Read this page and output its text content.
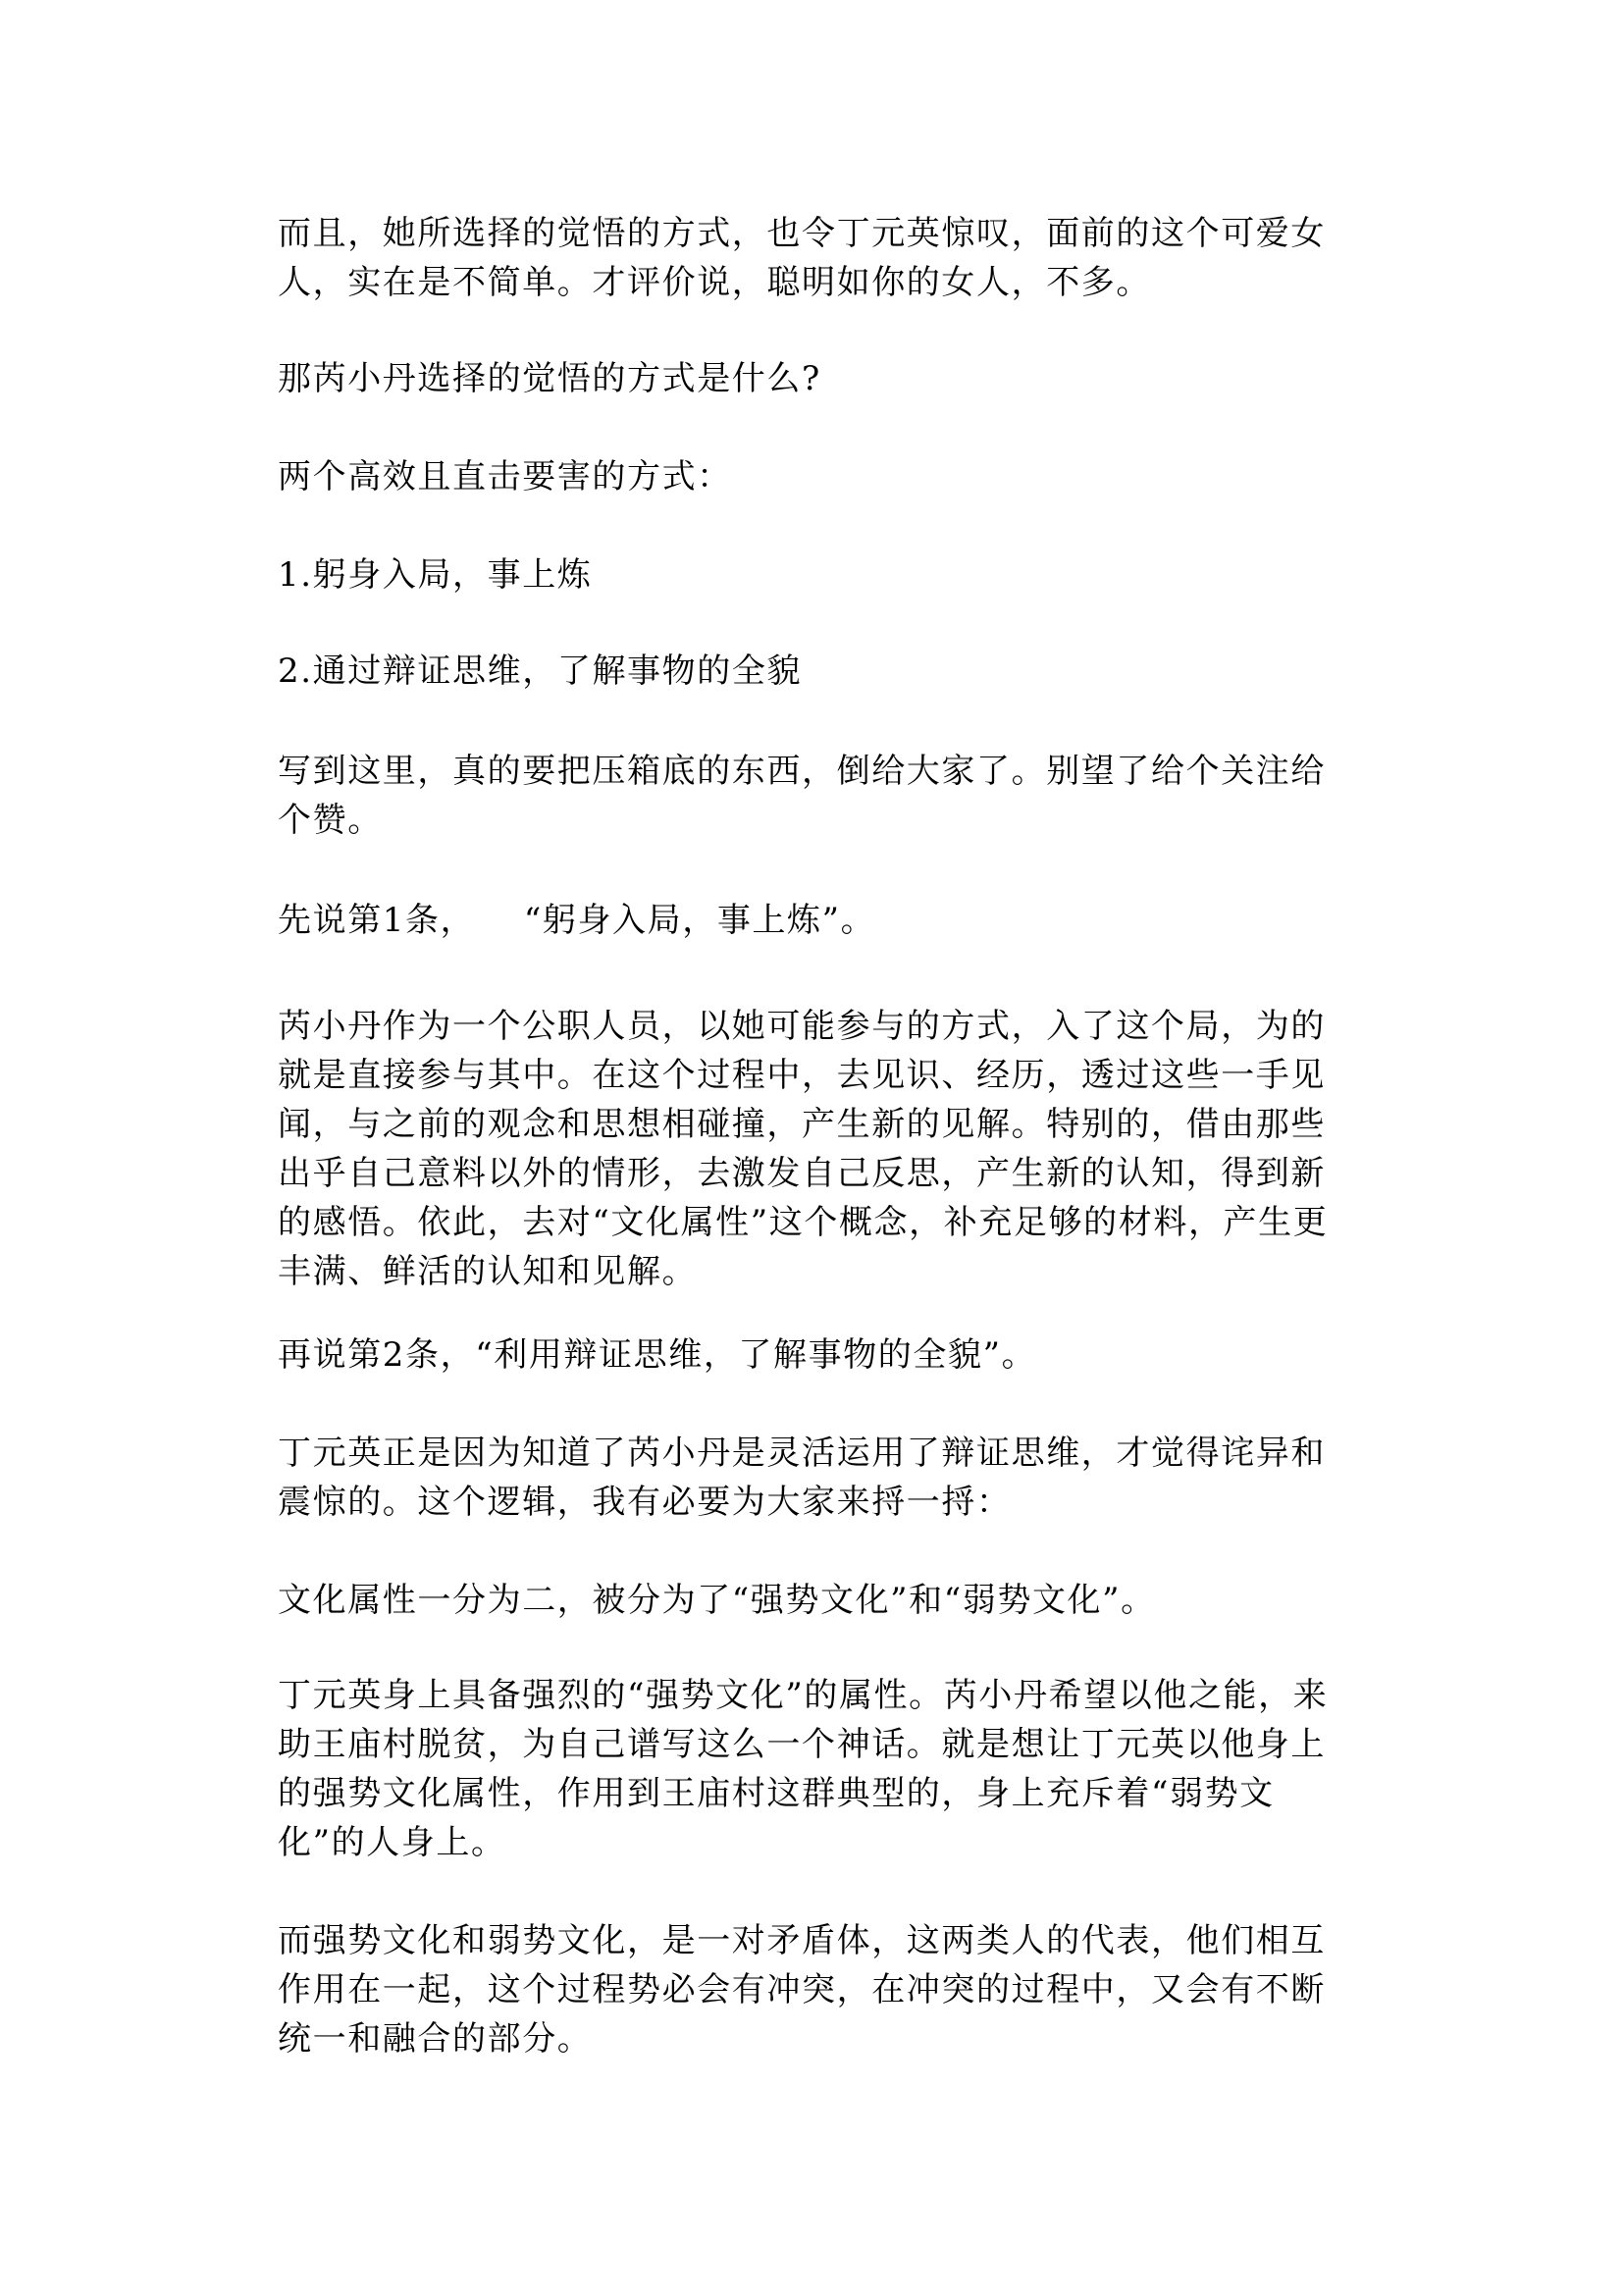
而且，她所选择的觉悟的方式，也令丁元英惊叹，面前的这个可爱女人，实在是不简单。才评价说，聪明如你的女人，不多。

那芮小丹选择的觉悟的方式是什么?

两个高效且直击要害的方式：

1.躬身入局，事上炼

2.通过辩证思维，了解事物的全貌

写到这里，真的要把压箱底的东西，倒给大家了。别望了给个关注给个赞。

先说第1条，    “躬身入局，事上炼”。

芮小丹作为一个公职人员，以她可能参与的方式，入了这个局，为的就是直接参与其中。在这个过程中，去见识、经历，透过这些一手见闻，与之前的观念和思想相碰撞，产生新的见解。特别的，借由那些出乎自己意料以外的情形，去激发自己反思，产生新的认知，得到新的感悟。依此，去对“文化属性”这个概念，补充足够的材料，产生更丰满、鲜活的认知和见解。

再说第2条，“利用辩证思维，了解事物的全貌”。

丁元英正是因为知道了芮小丹是灵活运用了辩证思维，才觉得诧异和震惊的。这个逻辑，我有必要为大家来捋一捋：

文化属性一分为二，被分为了“强势文化”和“弱势文化”。

丁元英身上具备强烈的“强势文化”的属性。芮小丹希望以他之能，来助王庙村脱贫，为自己谱写这么一个神话。就是想让丁元英以他身上的强势文化属性，作用到王庙村这群典型的，身上充斥着“弱势文化”的人身上。

而强势文化和弱势文化，是一对矛盾体，这两类人的代表，他们相互作用在一起，这个过程势必会有冲突，在冲突的过程中，又会有不断统一和融合的部分。
